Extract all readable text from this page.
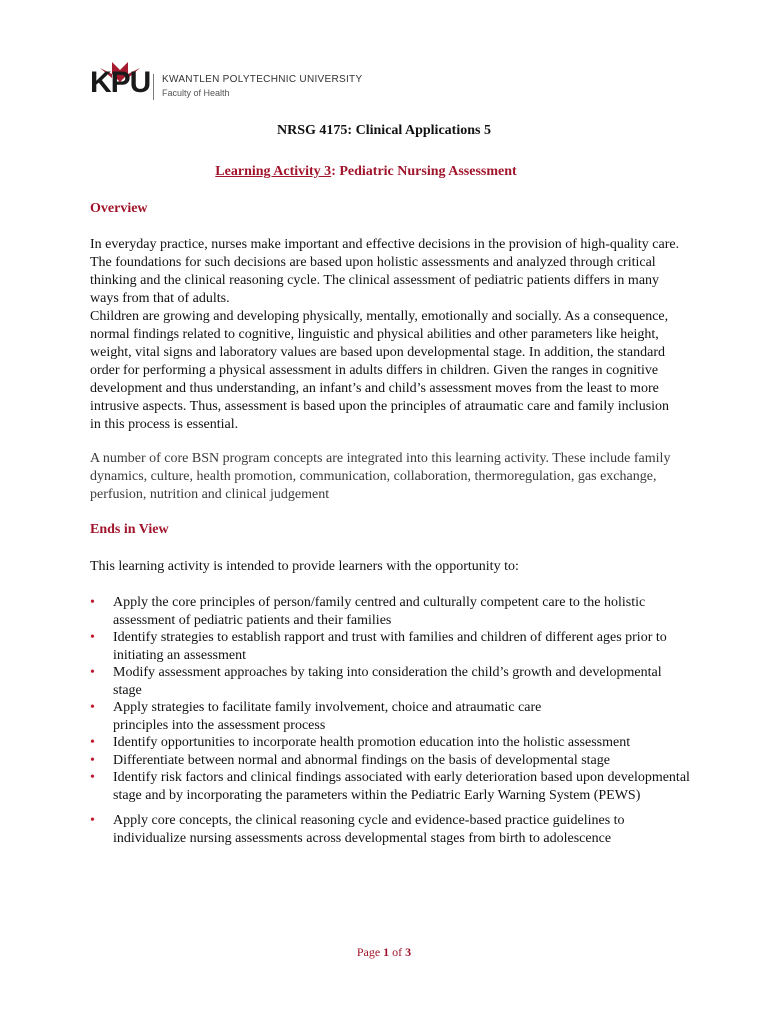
KPU KWANTLEN POLYTECHNIC UNIVERSITY
Faculty of Health
NRSG 4175: Clinical Applications 5
Learning Activity 3: Pediatric Nursing Assessment
Overview
In everyday practice, nurses make important and effective decisions in the provision of high-quality care. The foundations for such decisions are based upon holistic assessments and analyzed through critical thinking and the clinical reasoning cycle. The clinical assessment of pediatric patients differs in many ways from that of adults.
Children are growing and developing physically, mentally, emotionally and socially. As a consequence, normal findings related to cognitive, linguistic and physical abilities and other parameters like height, weight, vital signs and laboratory values are based upon developmental stage. In addition, the standard order for performing a physical assessment in adults differs in children. Given the ranges in cognitive development and thus understanding, an infant’s and child’s assessment moves from the least to more intrusive aspects. Thus, assessment is based upon the principles of atraumatic care and family inclusion in this process is essential.
A number of core BSN program concepts are integrated into this learning activity. These include family dynamics, culture, health promotion, communication, collaboration, thermoregulation, gas exchange, perfusion, nutrition and clinical judgement
Ends in View
This learning activity is intended to provide learners with the opportunity to:
• Apply the core principles of person/family centred and culturally competent care to the holistic assessment of pediatric patients and their families
• Identify strategies to establish rapport and trust with families and children of different ages prior to initiating an assessment
• Modify assessment approaches by taking into consideration the child’s growth and developmental stage
• Apply strategies to facilitate family involvement, choice and atraumatic care principles into the assessment process
• Identify opportunities to incorporate health promotion education into the holistic assessment
• Differentiate between normal and abnormal findings on the basis of developmental stage
• Identify risk factors and clinical findings associated with early deterioration based upon developmental stage and by incorporating the parameters within the Pediatric Early Warning System (PEWS)
• Apply core concepts, the clinical reasoning cycle and evidence-based practice guidelines to individualize nursing assessments across developmental stages from birth to adolescence
Page 1 of 3
